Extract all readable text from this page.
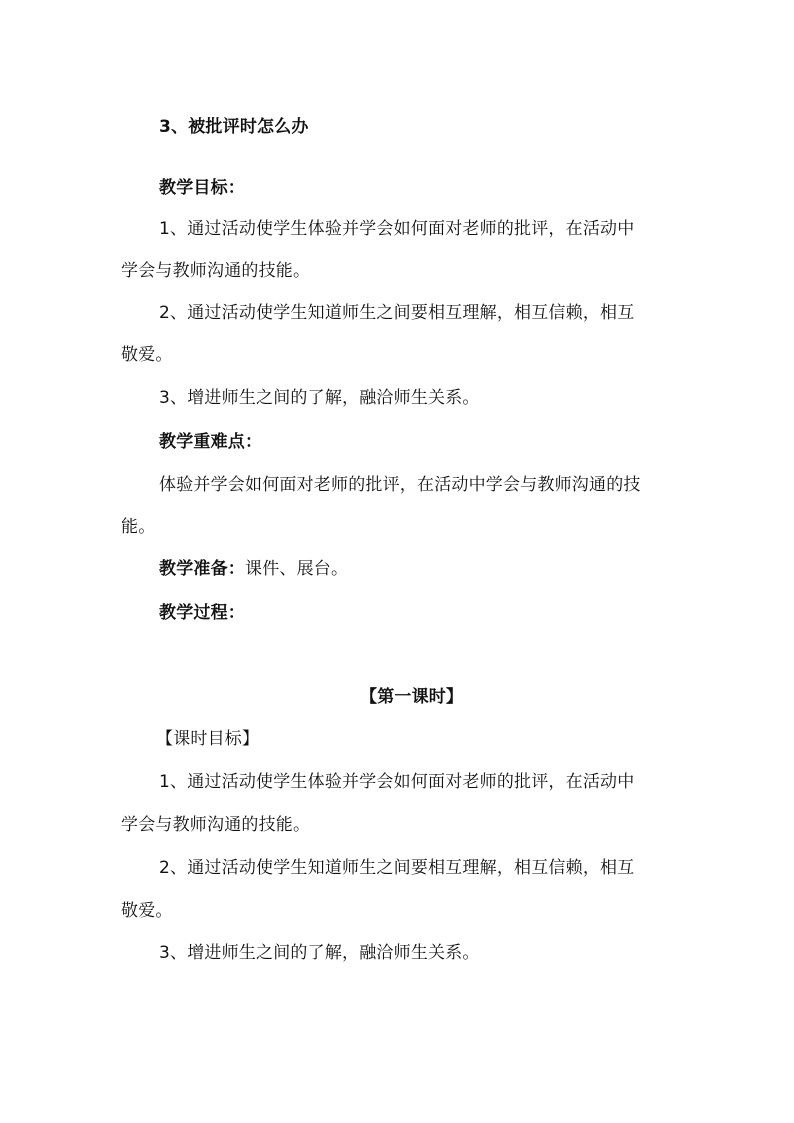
3、被批评时怎么办
教学目标：
1、通过活动使学生体验并学会如何面对老师的批评，在活动中
学会与教师沟通的技能。
2、通过活动使学生知道师生之间要相互理解，相互信赖，相互
敬爱。
3、增进师生之间的了解，融洽师生关系。
教学重难点：
体验并学会如何面对老师的批评，在活动中学会与教师沟通的技
能。
教学准备：课件、展台。
教学过程：
【第一课时】
【课时目标】
1、通过活动使学生体验并学会如何面对老师的批评，在活动中
学会与教师沟通的技能。
2、通过活动使学生知道师生之间要相互理解，相互信赖，相互
敬爱。
3、增进师生之间的了解，融洽师生关系。
